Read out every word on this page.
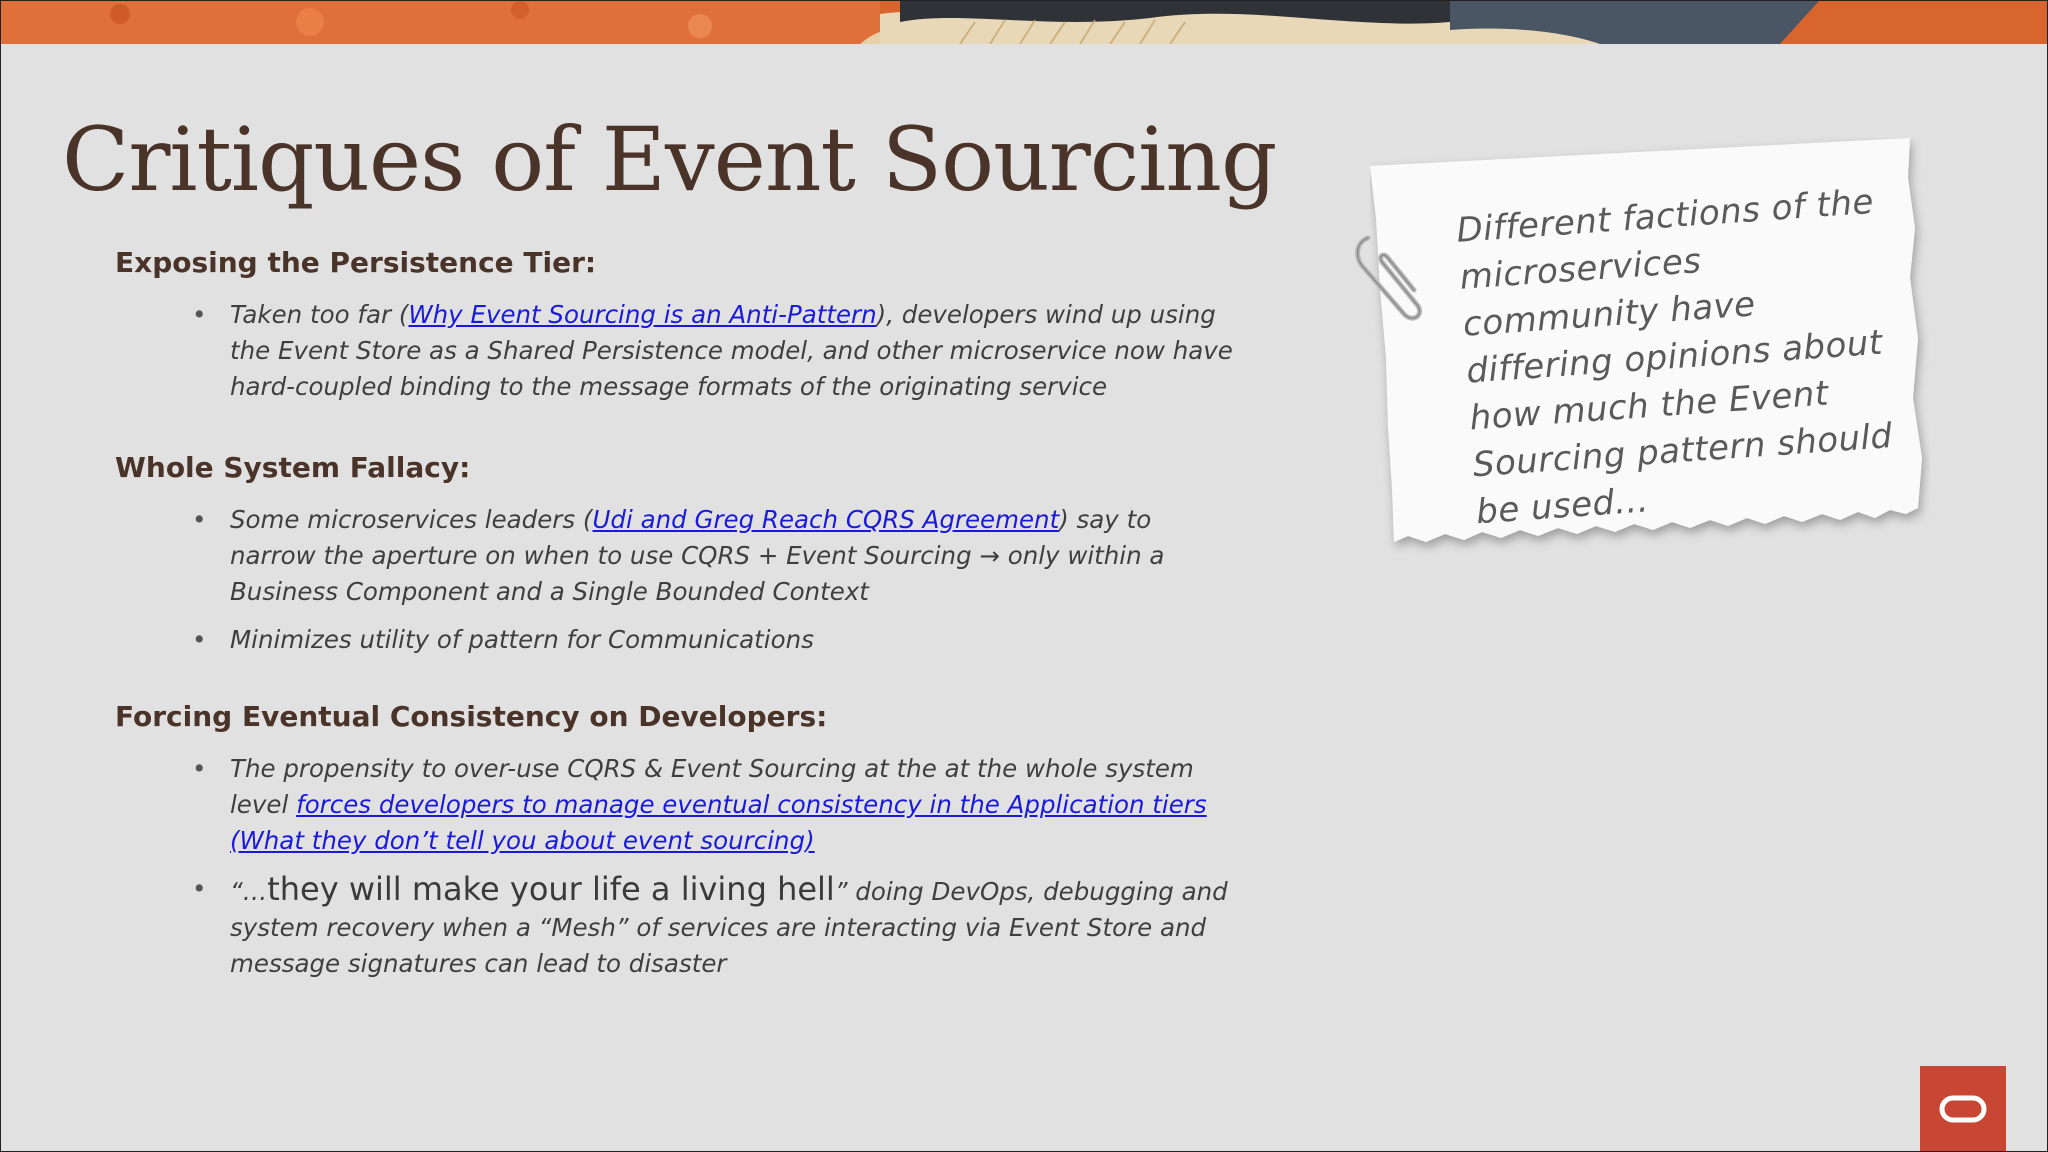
Critiques of Event Sourcing

Exposing the Persistence Tier:

• Taken too far (Why Event Sourcing is an Anti-Pattern), developers wind up using the Event Store as a Shared Persistence model, and other microservice now have hard-coupled binding to the message formats of the originating service

Whole System Fallacy:

• Some microservices leaders (Udi and Greg Reach CQRS Agreement) say to narrow the aperture on when to use CQRS + Event Sourcing → only within a Business Component and a Single Bounded Context
• Minimizes utility of pattern for Communications

Forcing Eventual Consistency on Developers:

• The propensity to over-use CQRS & Event Sourcing at the at the whole system level forces developers to manage eventual consistency in the Application tiers (What they don’t tell you about event sourcing)
• “…they will make your life a living hell” doing DevOps, debugging and system recovery when a “Mesh” of services are interacting via Event Store and message signatures can lead to disaster
Different factions of the microservices community have differing opinions about how much the Event Sourcing pattern should be used…
